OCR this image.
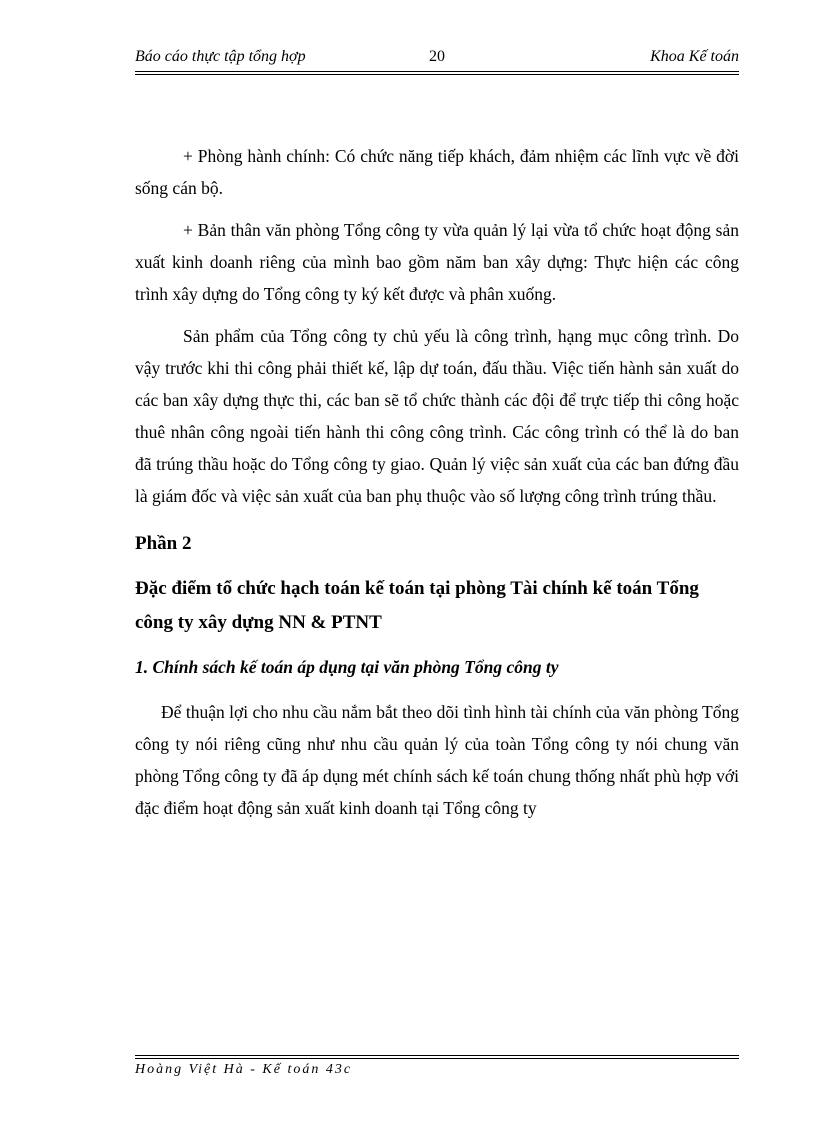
Báo cáo thực tập tổng hợp	20	Khoa Kế toán

+ Phòng hành chính: Có chức năng tiếp khách, đảm nhiệm các lĩnh vực về đời sống cán bộ.

+ Bản thân văn phòng Tổng công ty vừa quản lý lại vừa tổ chức hoạt động sản xuất kinh doanh riêng của mình bao gồm năm ban xây dựng: Thực hiện các công trình xây dựng do Tổng công ty ký kết được và phân xuống.

Sản phẩm của Tổng công ty chủ yếu là công trình, hạng mục công trình. Do vậy trước khi thi công phải thiết kế, lập dự toán, đấu thầu. Việc tiến hành sản xuất do các ban xây dựng thực thi, các ban sẽ tổ chức thành các đội để trực tiếp thi công hoặc thuê nhân công ngoài tiến hành thi công công trình. Các công trình có thể là do ban đã trúng thầu hoặc do Tổng công ty giao. Quản lý việc sản xuất của các ban đứng đầu là giám đốc và việc sản xuất của ban phụ thuộc vào số lượng công trình trúng thầu.

Phần 2
Đặc điểm tổ chức hạch toán kế toán tại phòng Tài chính kế toán Tổng công ty xây dựng NN & PTNT
1. Chính sách kế toán áp dụng tại văn phòng Tổng công ty

Để thuận lợi cho nhu cầu nắm bắt theo dõi tình hình tài chính của văn phòng Tổng công ty nói riêng cũng như nhu cầu quản lý của toàn Tổng công ty nói chung văn phòng Tổng công ty đã áp dụng mét chính sách kế toán chung thống nhất phù hợp với đặc điểm hoạt động sản xuất kinh doanh tại Tổng công ty

Hoàng Việt Hà - Kế toán 43c
